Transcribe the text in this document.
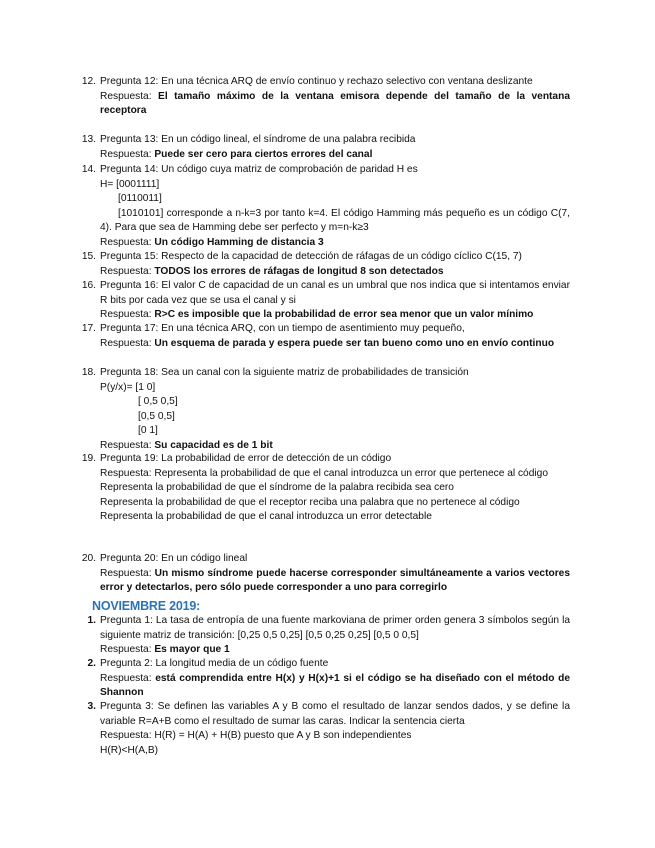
12. Pregunta 12: En una técnica ARQ de envío continuo y rechazo selectivo con ventana deslizante
Respuesta: El tamaño máximo de la ventana emisora depende del tamaño de la ventana receptora
13. Pregunta 13: En un código lineal, el síndrome de una palabra recibida
Respuesta: Puede ser cero para ciertos errores del canal
14. Pregunta 14: Un código cuya matriz de comprobación de paridad H es
H= [0001111]
[0110011]
[1010101] corresponde a n-k=3 por tanto k=4. El código Hamming más pequeño es un código C(7, 4). Para que sea de Hamming debe ser perfecto y m=n-k≥3
Respuesta: Un código Hamming de distancia 3
15. Pregunta 15: Respecto de la capacidad de detección de ráfagas de un código cíclico C(15, 7)
Respuesta: TODOS los errores de ráfagas de longitud 8 son detectados
16. Pregunta 16: El valor C de capacidad de un canal es un umbral que nos indica que si intentamos enviar R bits por cada vez que se usa el canal y si
Respuesta: R>C es imposible que la probabilidad de error sea menor que un valor mínimo
17. Pregunta 17: En una técnica ARQ, con un tiempo de asentimiento muy pequeño,
Respuesta: Un esquema de parada y espera puede ser tan bueno como uno en envío continuo
18. Pregunta 18: Sea un canal con la siguiente matriz de probabilidades de transición
P(y/x)= [1 0]
[ 0,5 0,5]
[0,5 0,5]
[0 1]
Respuesta: Su capacidad es de 1 bit
19. Pregunta 19: La probabilidad de error de detección de un código
Respuesta: Representa la probabilidad de que el canal introduzca un error que pertenece al código
Representa la probabilidad de que el síndrome de la palabra recibida sea cero
Representa la probabilidad de que el receptor reciba una palabra que no pertenece al código
Representa la probabilidad de que el canal introduzca un error detectable
20. Pregunta 20: En un código lineal
Respuesta: Un mismo síndrome puede hacerse corresponder simultáneamente a varios vectores error y detectarlos, pero sólo puede corresponder a uno para corregirlo
NOVIEMBRE 2019:
1. Pregunta 1: La tasa de entropía de una fuente markoviana de primer orden genera 3 símbolos según la siguiente matriz de transición: [0,25 0,5 0,25] [0,5 0,25 0,25] [0,5 0 0,5]
Respuesta: Es mayor que 1
2. Pregunta 2: La longitud media de un código fuente
Respuesta: está comprendida entre H(x) y H(x)+1 si el código se ha diseñado con el método de Shannon
3. Pregunta 3: Se definen las variables A y B como el resultado de lanzar sendos dados, y se define la variable R=A+B como el resultado de sumar las caras. Indicar la sentencia cierta
Respuesta: H(R) = H(A) + H(B) puesto que A y B son independientes
H(R)<H(A,B)
